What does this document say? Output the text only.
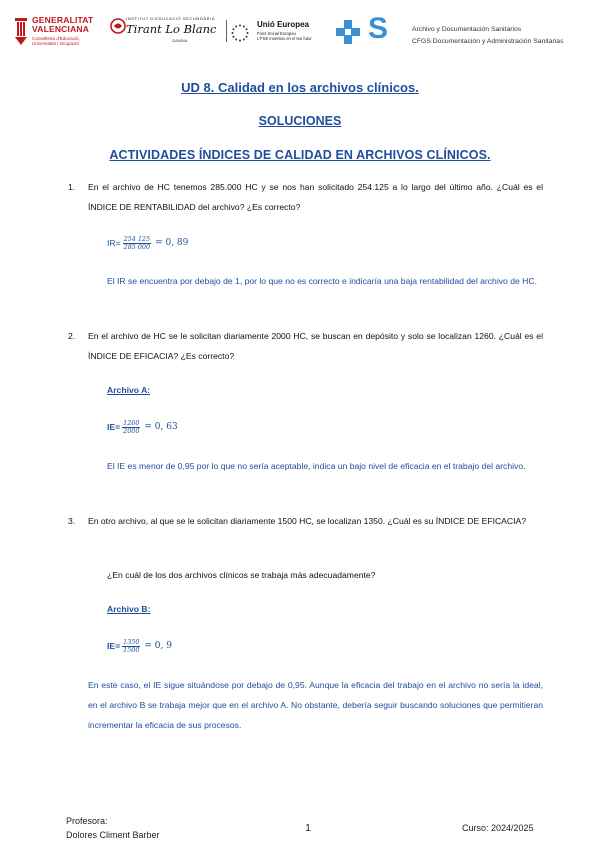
GENERALITAT
VALENCIANA
Conselleria d'Educació,
Universitats i Ocupació
INSTITUT D'EDUCACIÓ SECUNDÀRIA
Tirant Lo Blanc
GANDIA
Unió Europea
Fons Social Europeu
L'FSE inverteix en el teu futur S	Archivo y Documentación Sanitarios
CFGS Documentación y Administración Sanitarias
UD 8. Calidad en los archivos clínicos.
SOLUCIONES
ACTIVIDADES ÍNDICES DE CALIDAD EN ARCHIVOS CLÍNICOS.
1. En el archivo de HC tenemos 285.000 HC y se nos han solicitado 254.125 a lo largo del último año. ¿Cuál es el ÍNDICE DE RENTABILIDAD del archivo? ¿Es correcto?
$IR= \frac{254 125}{285 000} = 0$, 89
El IR se encuentra por debajo de 1, por lo que no es correcto e indicaría una baja rentabilidad del archivo de HC.
2. En el archivo de HC se le solicitan diariamente 2000 HC, se buscan en depósito y solo se localizan 1260. ¿Cuál es el ÍNDICE DE EFICACIA? ¿Es correcto?
Archivo A:
$IE= \frac{1260}{2000} = 0$, 63
El IE es menor de 0,95 por lo que no sería aceptable, indica un bajo nivel de eficacia en el trabajo del archivo.
3. En otro archivo, al que se le solicitan diariamente 1500 HC, se localizan 1350. ¿Cuál es su ÍNDICE DE EFICACIA?
¿En cuál de los dos archivos clínicos se trabaja más adecuadamente?
Archivo B:
$IE= \frac{1350}{1500} = 0$, 9
En este caso, el IE sigue situándose por debajo de 0,95. Aunque la eficacia del trabajo en el archivo no sería la ideal, en el archivo B se trabaja mejor que en el archivo A. No obstante, debería seguir buscando soluciones que permitieran incrementar la eficacia de sus procesos.
Profesora:
Dolores Climent Barber
1	Curso: 2024/2025
